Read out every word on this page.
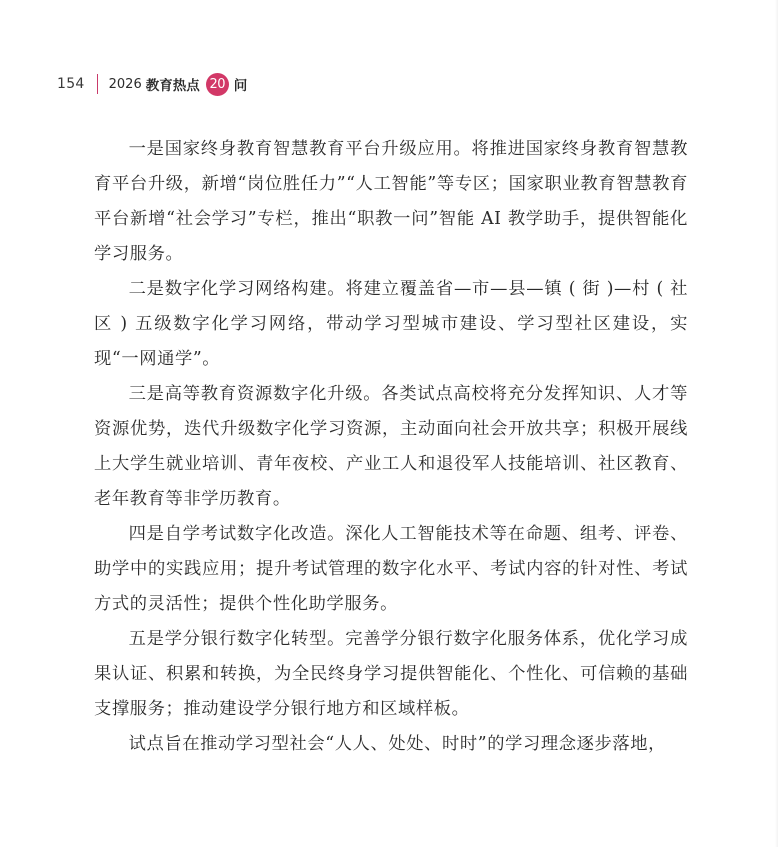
154 2026 教育热点 20 问

一是国家终身教育智慧教育平台升级应用。将推进国家终身教育智慧教育平台升级，新增“岗位胜任力”“人工智能”等专区；国家职业教育智慧教育平台新增“社会学习”专栏，推出“职教一问”智能 AI 教学助手，提供智能化学习服务。

二是数字化学习网络构建。将建立覆盖省—市—县—镇 ( 街 )—村 ( 社区 ) 五级数字化学习网络，带动学习型城市建设、学习型社区建设，实现“一网通学”。

三是高等教育资源数字化升级。各类试点高校将充分发挥知识、人才等资源优势，迭代升级数字化学习资源，主动面向社会开放共享；积极开展线上大学生就业培训、青年夜校、产业工人和退役军人技能培训、社区教育、老年教育等非学历教育。

四是自学考试数字化改造。深化人工智能技术等在命题、组考、评卷、助学中的实践应用；提升考试管理的数字化水平、考试内容的针对性、考试方式的灵活性；提供个性化助学服务。

五是学分银行数字化转型。完善学分银行数字化服务体系，优化学习成果认证、积累和转换，为全民终身学习提供智能化、个性化、可信赖的基础支撑服务；推动建设学分银行地方和区域样板。

试点旨在推动学习型社会“人人、处处、时时”的学习理念逐步落地，
